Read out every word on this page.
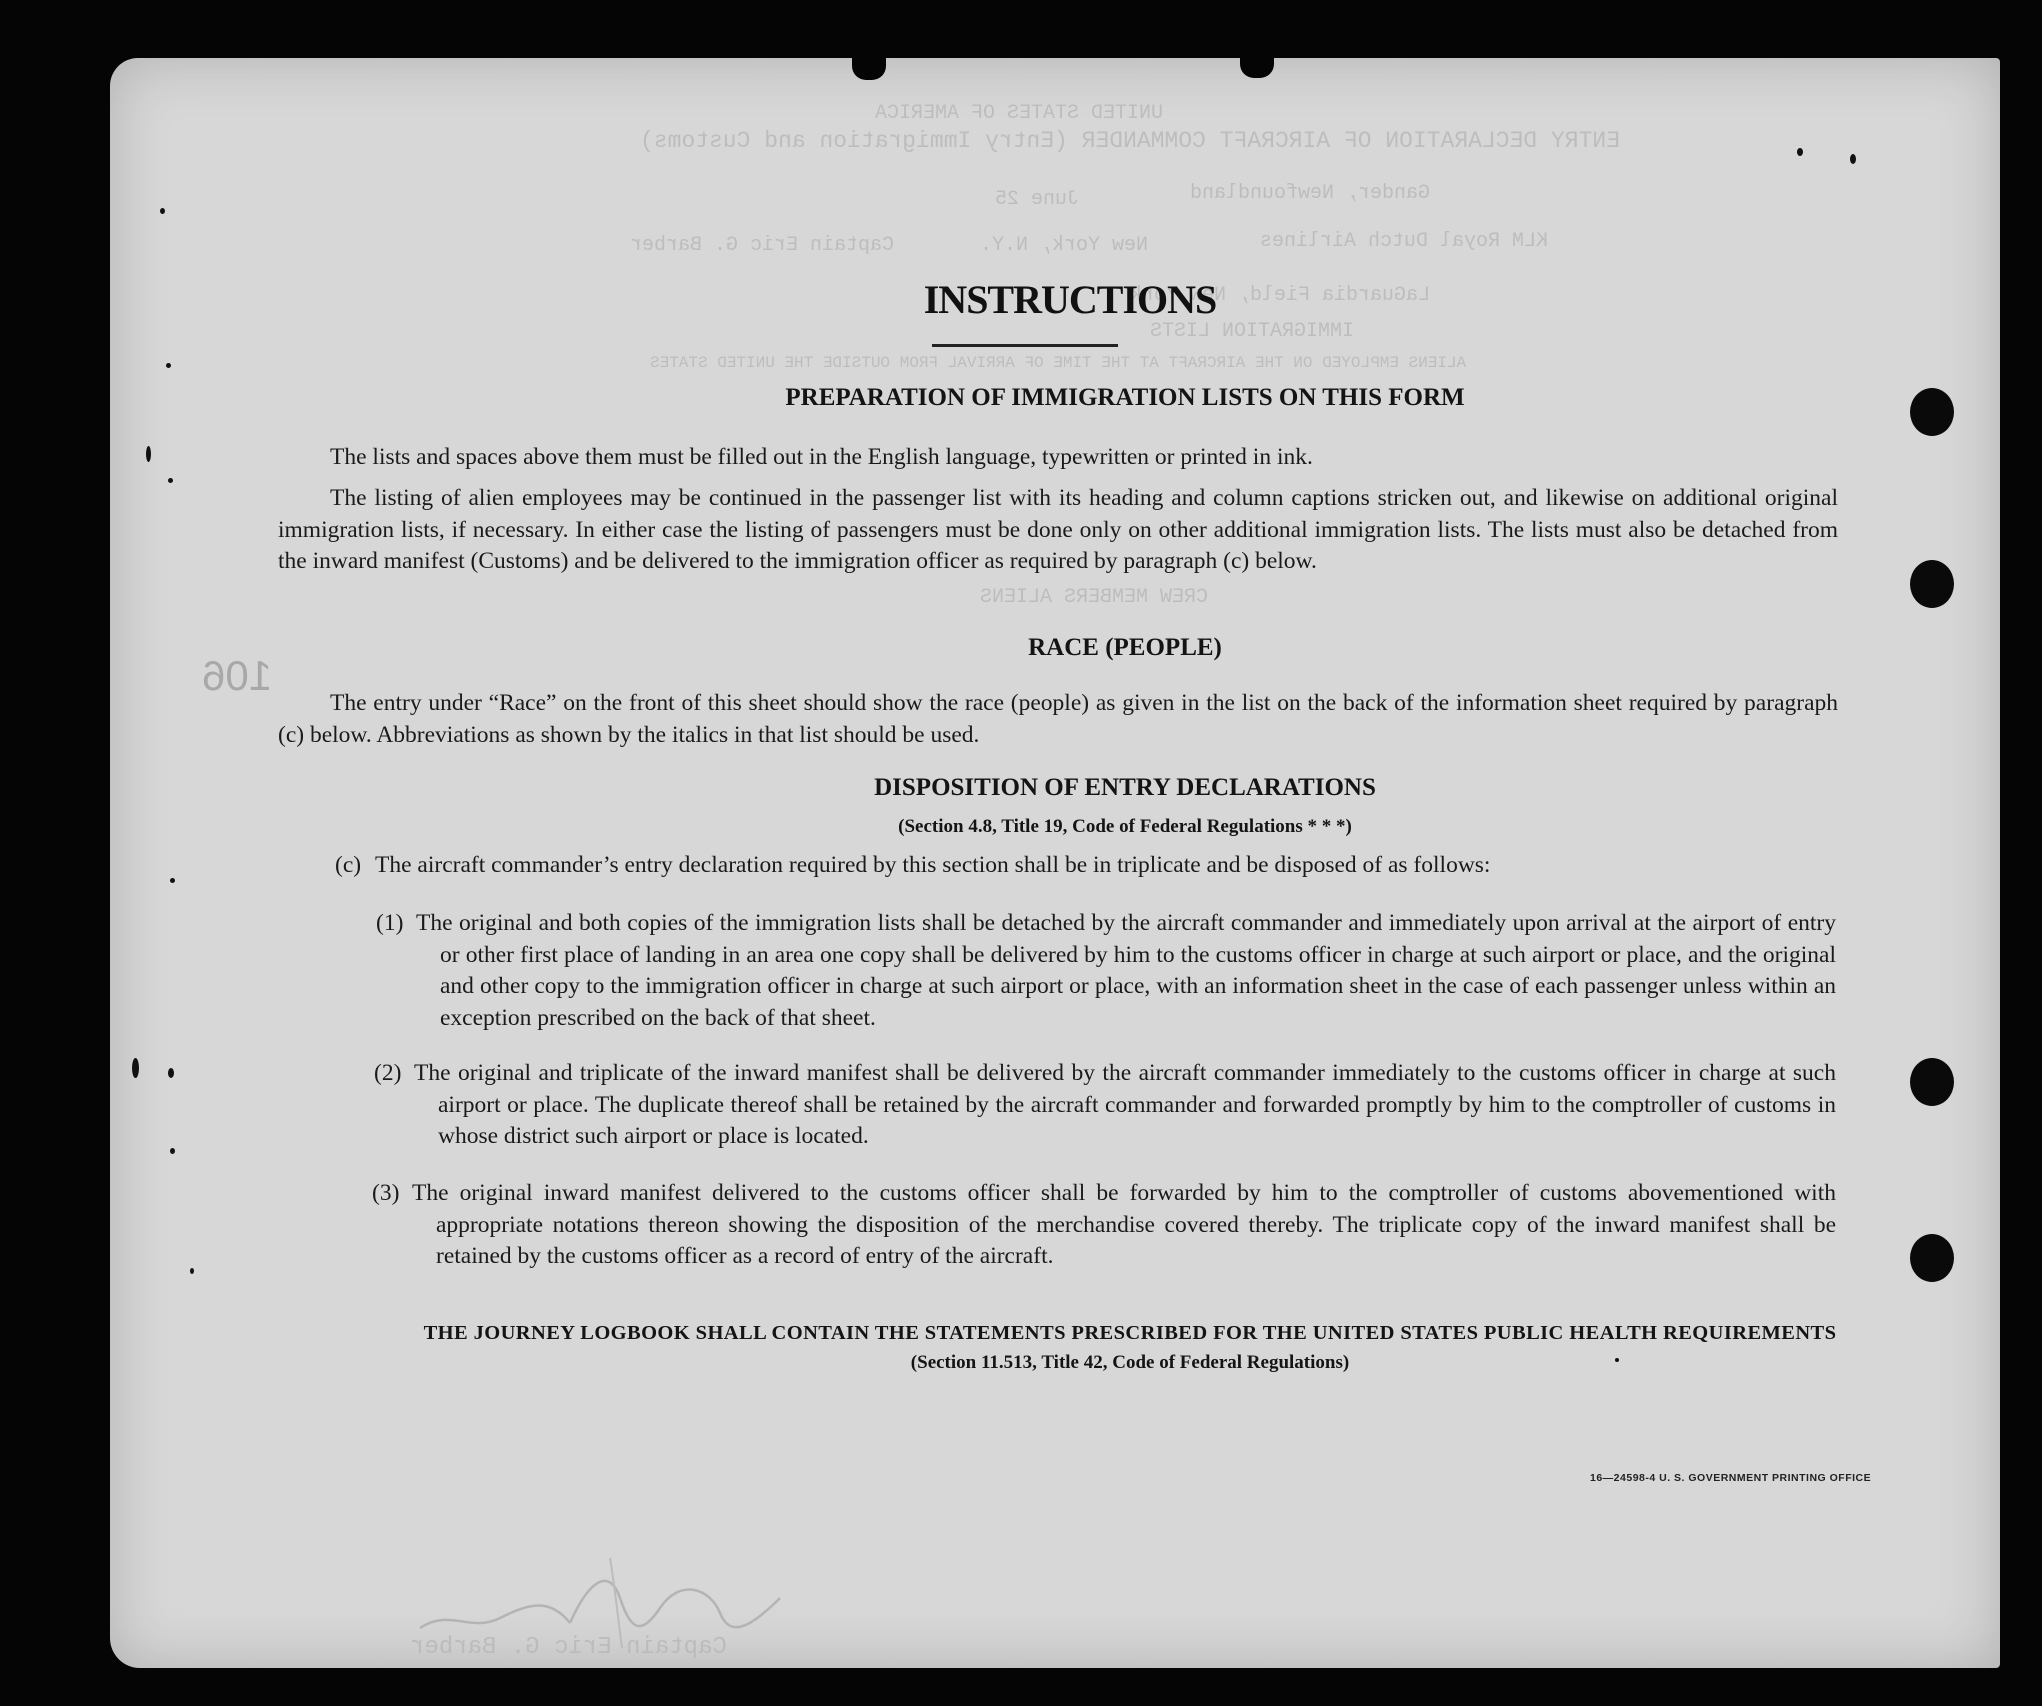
UNITED STATES OF AMERICA
ENTRY DECLARATION OF AIRCRAFT COMMANDER (Entry Immigration and Customs)
Gander, Newfoundland
June 25
KLM Royal Dutch Airlines
New York, N.Y.
Captain Eric G. Barber
LaGuardia Field, New York
IMMIGRATION LISTS
ALIENS EMPLOYED ON THE AIRCRAFT AT THE TIME OF ARRIVAL FROM OUTSIDE THE UNITED STATES
CREW MEMBERS ALIENS
Captain Eric G. Barber
106
INSTRUCTIONS
PREPARATION OF IMMIGRATION LISTS ON THIS FORM
The lists and spaces above them must be filled out in the English language, typewritten or printed in ink.
The listing of alien employees may be continued in the passenger list with its heading and column captions stricken out, and likewise on additional original immigration lists, if necessary. In either case the listing of passengers must be done only on other additional immigration lists. The lists must also be detached from the inward manifest (Customs) and be delivered to the immigration officer as required by paragraph (c) below.
RACE (PEOPLE)
The entry under “Race” on the front of this sheet should show the race (people) as given in the list on the back of the information sheet required by paragraph (c) below. Abbreviations as shown by the italics in that list should be used.
DISPOSITION OF ENTRY DECLARATIONS
(Section 4.8, Title 19, Code of Federal Regulations * * *)
(c) The aircraft commander’s entry declaration required by this section shall be in triplicate and be disposed of as follows:
(1) The original and both copies of the immigration lists shall be detached by the aircraft commander and immediately upon arrival at the airport of entry or other first place of landing in an area one copy shall be delivered by him to the customs officer in charge at such airport or place, and the original and other copy to the immigration officer in charge at such airport or place, with an information sheet in the case of each passenger unless within an exception prescribed on the back of that sheet.
(2) The original and triplicate of the inward manifest shall be delivered by the aircraft commander immediately to the customs officer in charge at such airport or place. The duplicate thereof shall be retained by the aircraft commander and forwarded promptly by him to the comptroller of customs in whose district such airport or place is located.
(3) The original inward manifest delivered to the customs officer shall be forwarded by him to the comptroller of customs abovementioned with appropriate notations thereon showing the disposition of the merchandise covered thereby. The triplicate copy of the inward manifest shall be retained by the customs officer as a record of entry of the aircraft.
THE JOURNEY LOGBOOK SHALL CONTAIN THE STATEMENTS PRESCRIBED FOR THE UNITED STATES PUBLIC HEALTH REQUIREMENTS
(Section 11.513, Title 42, Code of Federal Regulations)
16—24598-4 U. S. GOVERNMENT PRINTING OFFICE
